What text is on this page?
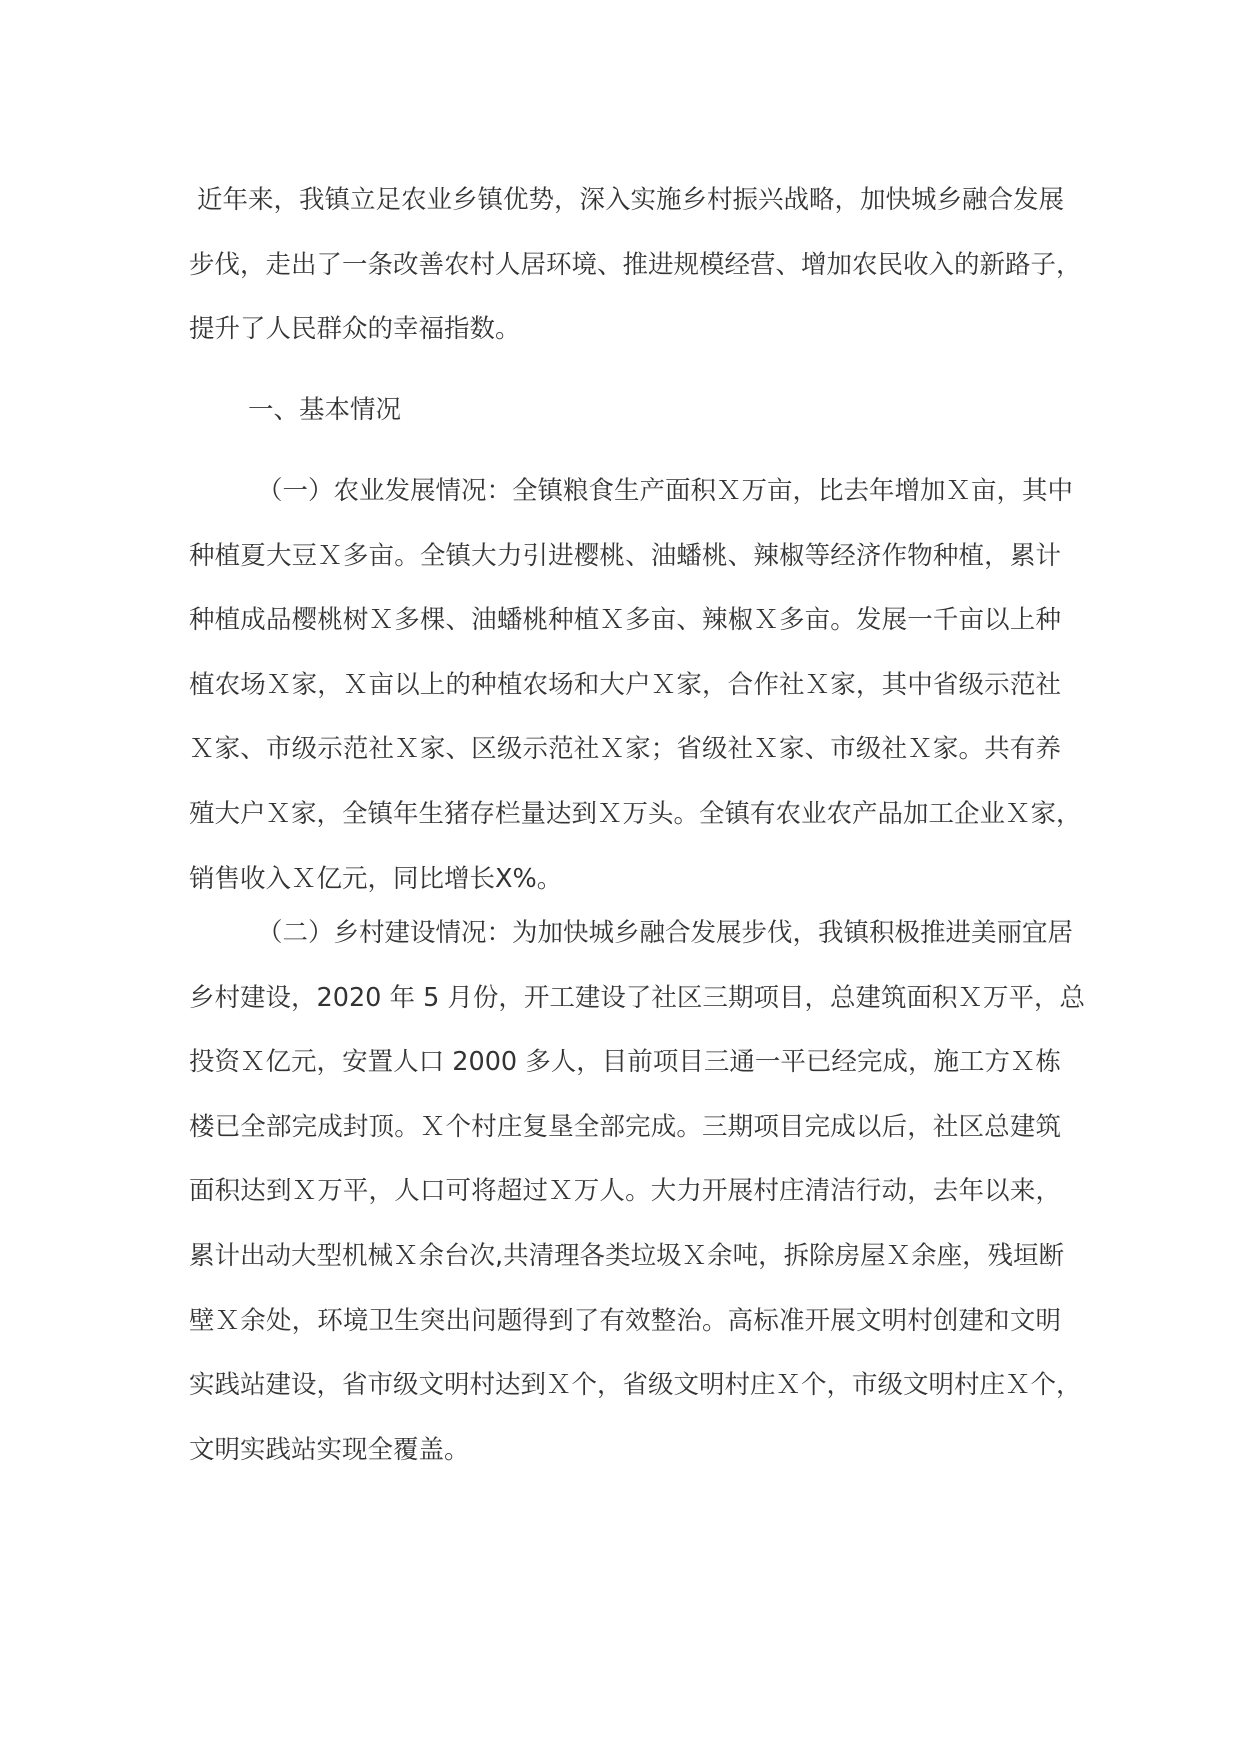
近年来，我镇立足农业乡镇优势，深入实施乡村振兴战略，加快城乡融合发展
步伐，走出了一条改善农村人居环境、推进规模经营、增加农民收入的新路子，
提升了人民群众的幸福指数。
一、基本情况
（一）农业发展情况：全镇粮食生产面积Ｘ万亩，比去年增加Ｘ亩，其中
种植夏大豆Ｘ多亩。全镇大力引进樱桃、油蟠桃、辣椒等经济作物种植，累计
种植成品樱桃树Ｘ多棵、油蟠桃种植Ｘ多亩、辣椒Ｘ多亩。发展一千亩以上种
植农场Ｘ家，Ｘ亩以上的种植农场和大户Ｘ家，合作社Ｘ家，其中省级示范社
Ｘ家、市级示范社Ｘ家、区级示范社Ｘ家；省级社Ｘ家、市级社Ｘ家。共有养
殖大户Ｘ家，全镇年生猪存栏量达到Ｘ万头。全镇有农业农产品加工企业Ｘ家，
销售收入Ｘ亿元，同比增长X%。
（二）乡村建设情况：为加快城乡融合发展步伐，我镇积极推进美丽宜居
乡村建设，2020 年 5 月份，开工建设了社区三期项目，总建筑面积Ｘ万平，总
投资Ｘ亿元，安置人口 2000 多人，目前项目三通一平已经完成，施工方Ｘ栋
楼已全部完成封顶。Ｘ个村庄复垦全部完成。三期项目完成以后，社区总建筑
面积达到Ｘ万平，人口可将超过Ｘ万人。大力开展村庄清洁行动，去年以来，
累计出动大型机械Ｘ余台次,共清理各类垃圾Ｘ余吨，拆除房屋Ｘ余座，残垣断
壁Ｘ余处，环境卫生突出问题得到了有效整治。高标准开展文明村创建和文明
实践站建设，省市级文明村达到Ｘ个，省级文明村庄Ｘ个，市级文明村庄Ｘ个，
文明实践站实现全覆盖。
